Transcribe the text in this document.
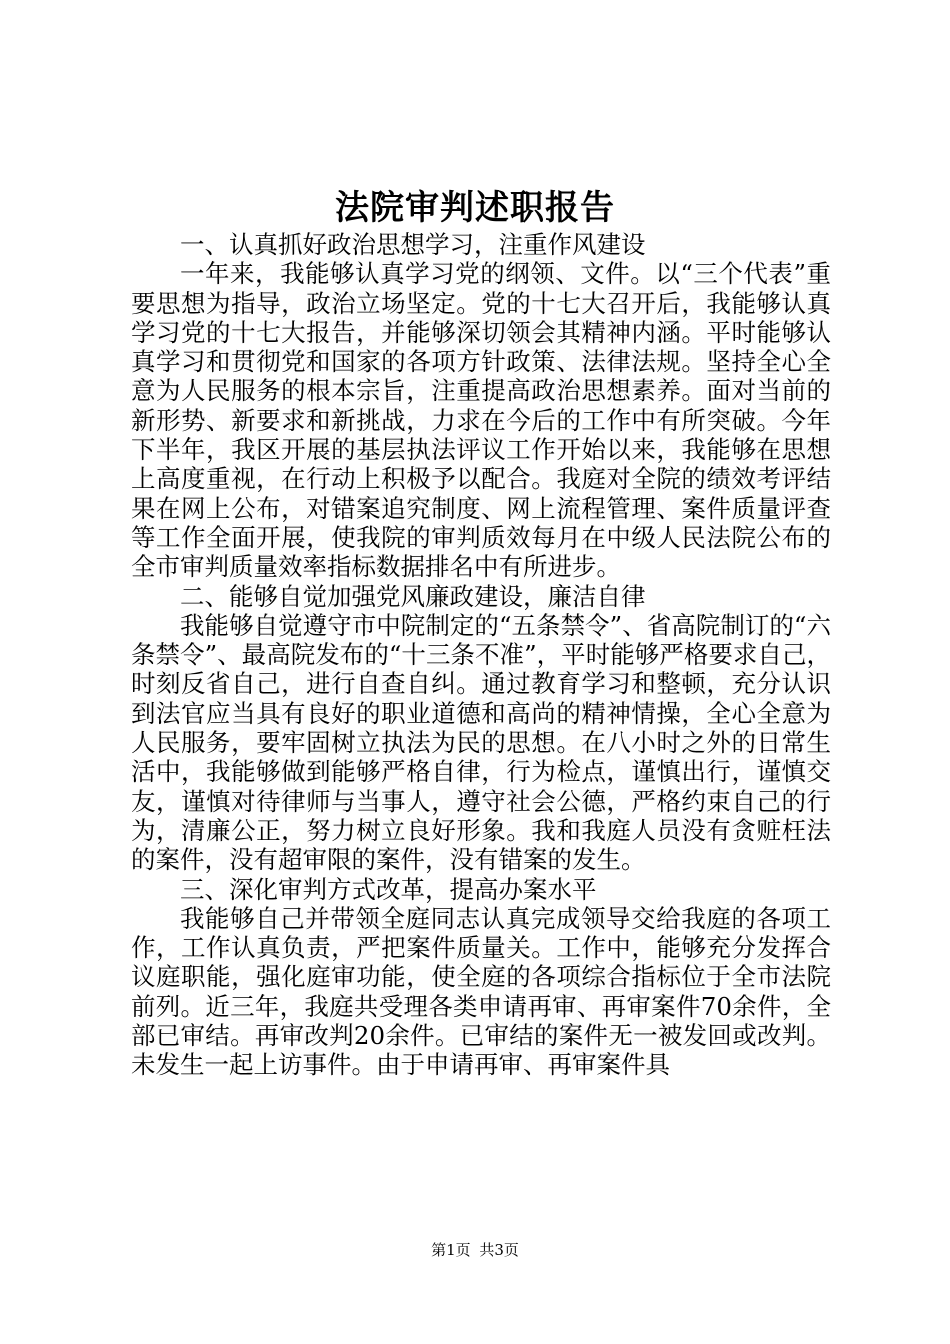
法院审判述职报告

一、认真抓好政治思想学习，注重作风建设

一年来，我能够认真学习党的纲领、文件。以“三个代表”重要思想为指导，政治立场坚定。党的十七大召开后，我能够认真学习党的十七大报告，并能够深切领会其精神内涵。平时能够认真学习和贯彻党和国家的各项方针政策、法律法规。坚持全心全意为人民服务的根本宗旨，注重提高政治思想素养。面对当前的新形势、新要求和新挑战，力求在今后的工作中有所突破。今年下半年，我区开展的基层执法评议工作开始以来，我能够在思想上高度重视，在行动上积极予以配合。我庭对全院的绩效考评结果在网上公布，对错案追究制度、网上流程管理、案件质量评查等工作全面开展，使我院的审判质效每月在中级人民法院公布的全市审判质量效率指标数据排名中有所进步。

二、能够自觉加强党风廉政建设，廉洁自律

我能够自觉遵守市中院制定的“五条禁令”、省高院制订的“六条禁令”、最高院发布的“十三条不准”，平时能够严格要求自己，时刻反省自己，进行自查自纠。通过教育学习和整顿，充分认识到法官应当具有良好的职业道德和高尚的精神情操，全心全意为人民服务，要牢固树立执法为民的思想。在八小时之外的日常生活中，我能够做到能够严格自律，行为检点，谨慎出行，谨慎交友，谨慎对待律师与当事人，遵守社会公德，严格约束自己的行为，清廉公正，努力树立良好形象。我和我庭人员没有贪赃枉法的案件，没有超审限的案件，没有错案的发生。

三、深化审判方式改革，提高办案水平

我能够自己并带领全庭同志认真完成领导交给我庭的各项工作，工作认真负责，严把案件质量关。工作中，能够充分发挥合议庭职能，强化庭审功能，使全庭的各项综合指标位于全市法院前列。近三年，我庭共受理各类申请再审、再审案件70余件，全部已审结。再审改判20余件。已审结的案件无一被发回或改判。未发生一起上访事件。由于申请再审、再审案件具

第1页 共3页
